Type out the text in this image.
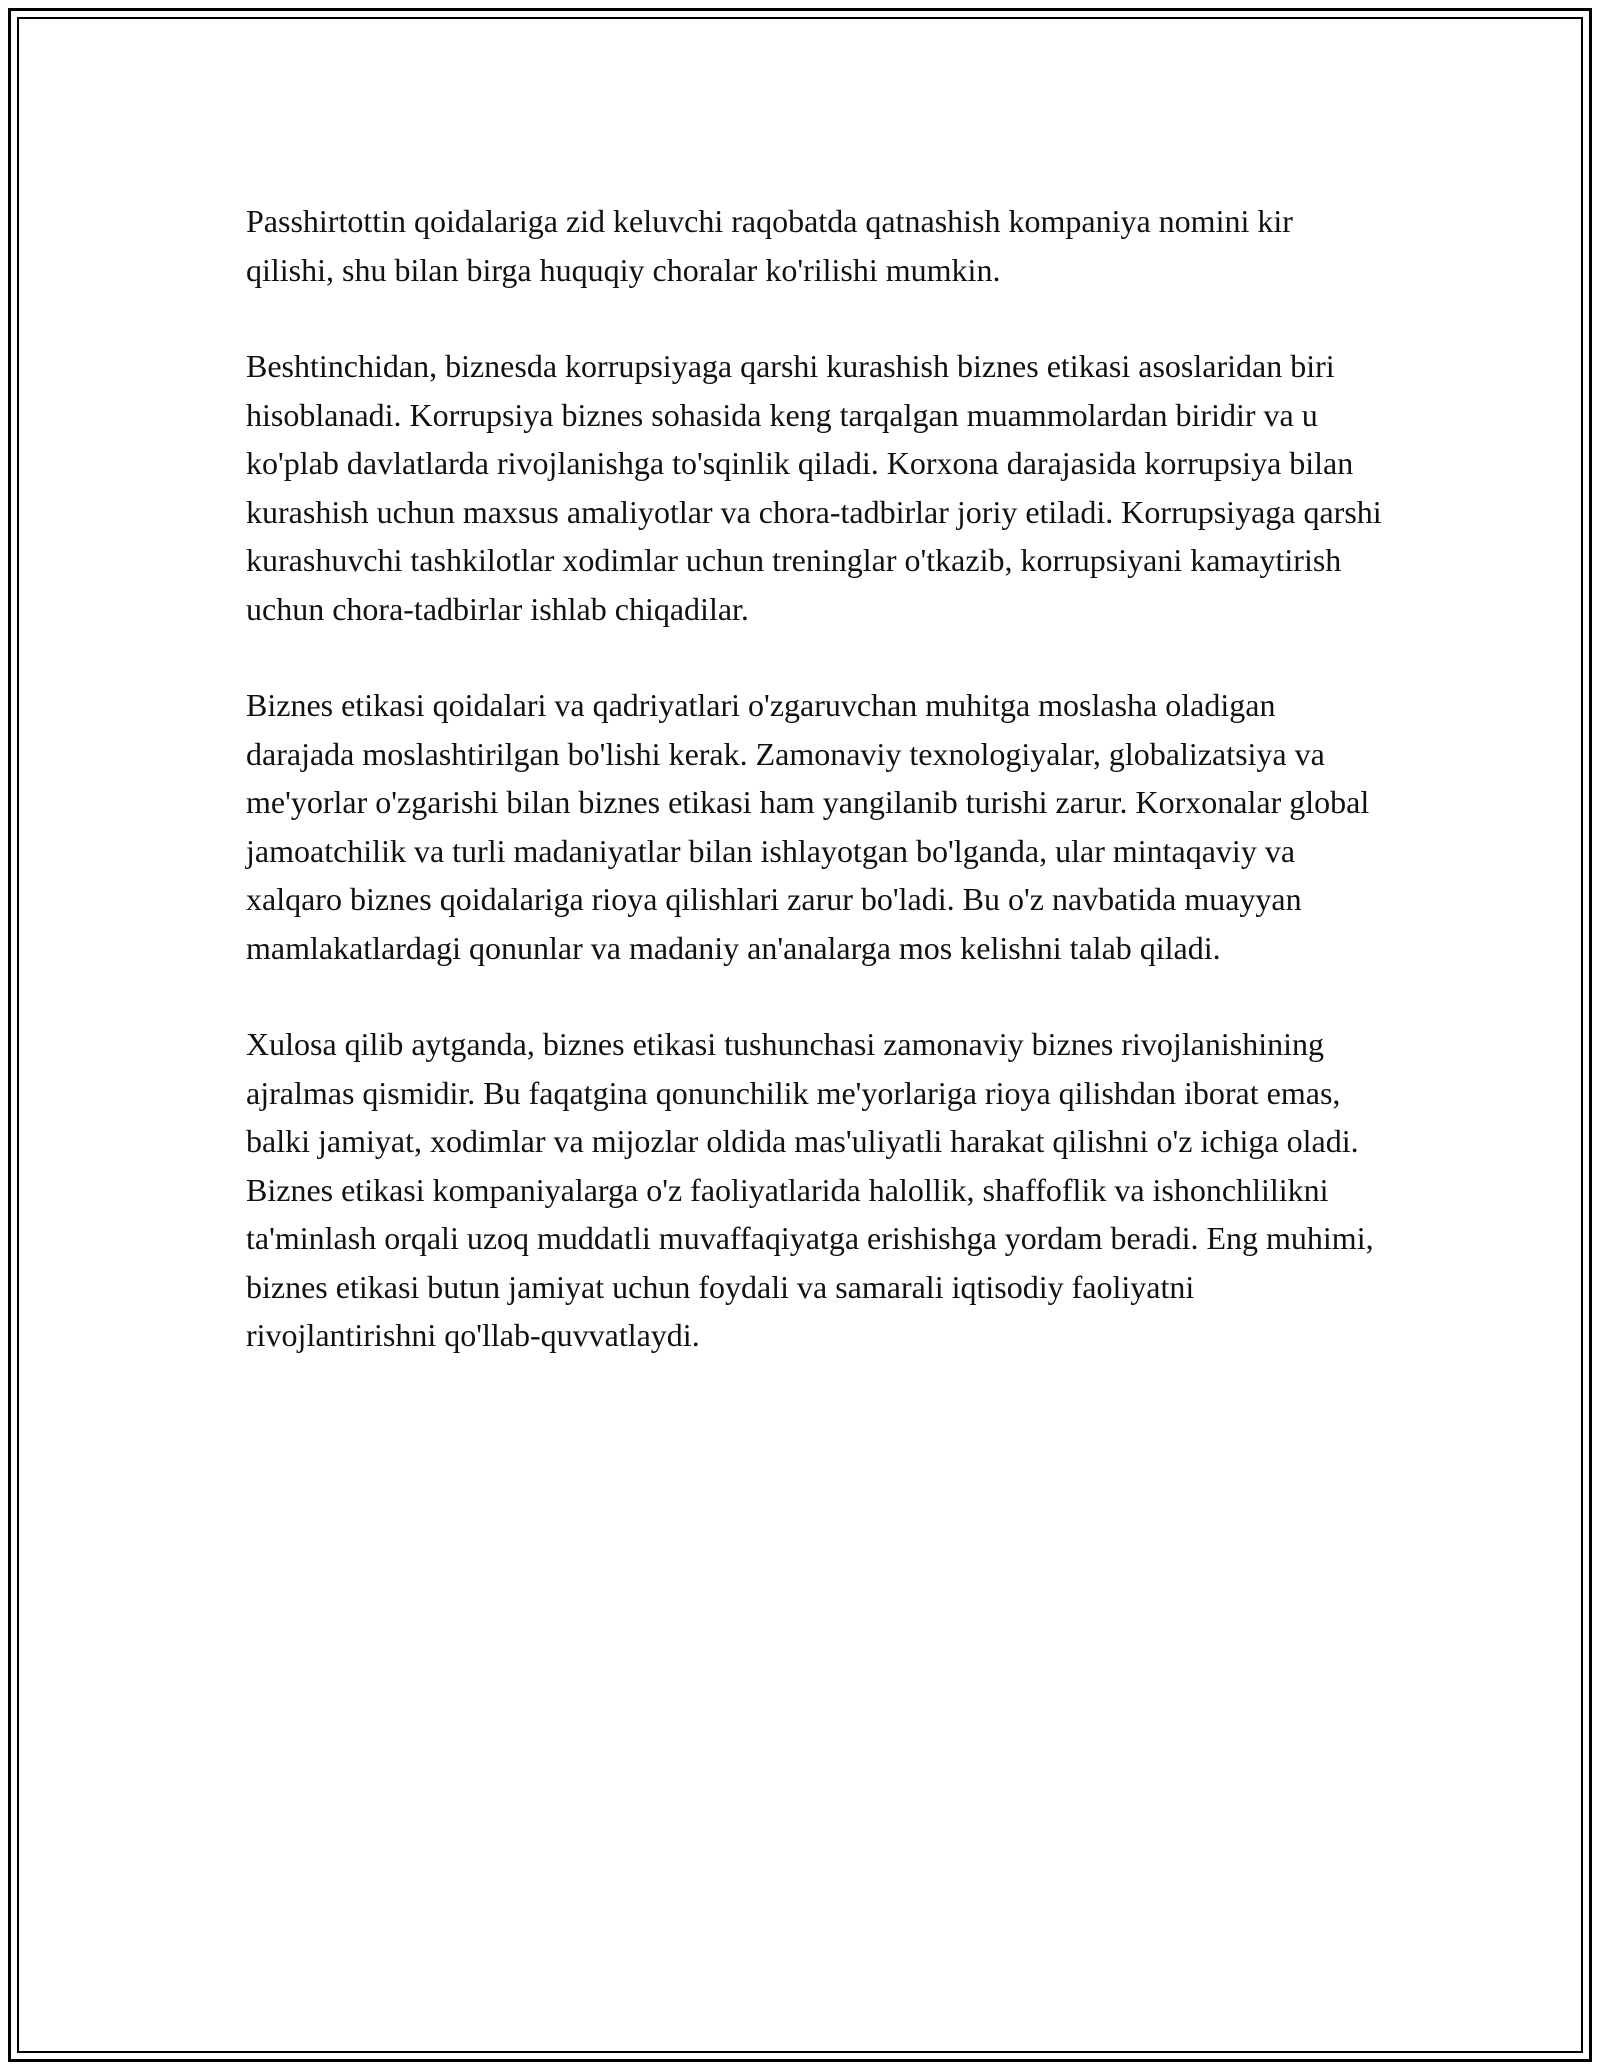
Passhirtottin qoidalariga zid keluvchi raqobatda qatnashish kompaniya nomini kir qilishi, shu bilan birga huquqiy choralar ko'rilishi mumkin.

Beshtinchidan, biznesda korrupsiyaga qarshi kurashish biznes etikasi asoslaridan biri hisoblanadi. Korrupsiya biznes sohasida keng tarqalgan muammolardan biridir va u ko'plab davlatlarda rivojlanishga to'sqinlik qiladi. Korxona darajasida korrupsiya bilan kurashish uchun maxsus amaliyotlar va chora-tadbirlar joriy etiladi. Korrupsiyaga qarshi kurashuvchi tashkilotlar xodimlar uchun treninglar o'tkazib, korrupsiyani kamaytirish uchun chora-tadbirlar ishlab chiqadilar.

Biznes etikasi qoidalari va qadriyatlari o'zgaruvchan muhitga moslasha oladigan darajada moslashtirilgan bo'lishi kerak. Zamonaviy texnologiyalar, globalizatsiya va me'yorlar o'zgarishi bilan biznes etikasi ham yangilanib turishi zarur. Korxonalar global jamoatchilik va turli madaniyatlar bilan ishlayotgan bo'lganda, ular mintaqaviy va xalqaro biznes qoidalariga rioya qilishlari zarur bo'ladi. Bu o'z navbatida muayyan mamlakatlardagi qonunlar va madaniy an'analarga mos kelishni talab qiladi.

Xulosa qilib aytganda, biznes etikasi tushunchasi zamonaviy biznes rivojlanishining ajralmas qismidir. Bu faqatgina qonunchilik me'yorlariga rioya qilishdan iborat emas, balki jamiyat, xodimlar va mijozlar oldida mas'uliyatli harakat qilishni o'z ichiga oladi. Biznes etikasi kompaniyalarga o'z faoliyatlarida halollik, shaffoflik va ishonchlilikni ta'minlash orqali uzoq muddatli muvaffaqiyatga erishishga yordam beradi. Eng muhimi, biznes etikasi butun jamiyat uchun foydali va samarali iqtisodiy faoliyatni rivojlantirishni qo'llab-quvvatlaydi.
